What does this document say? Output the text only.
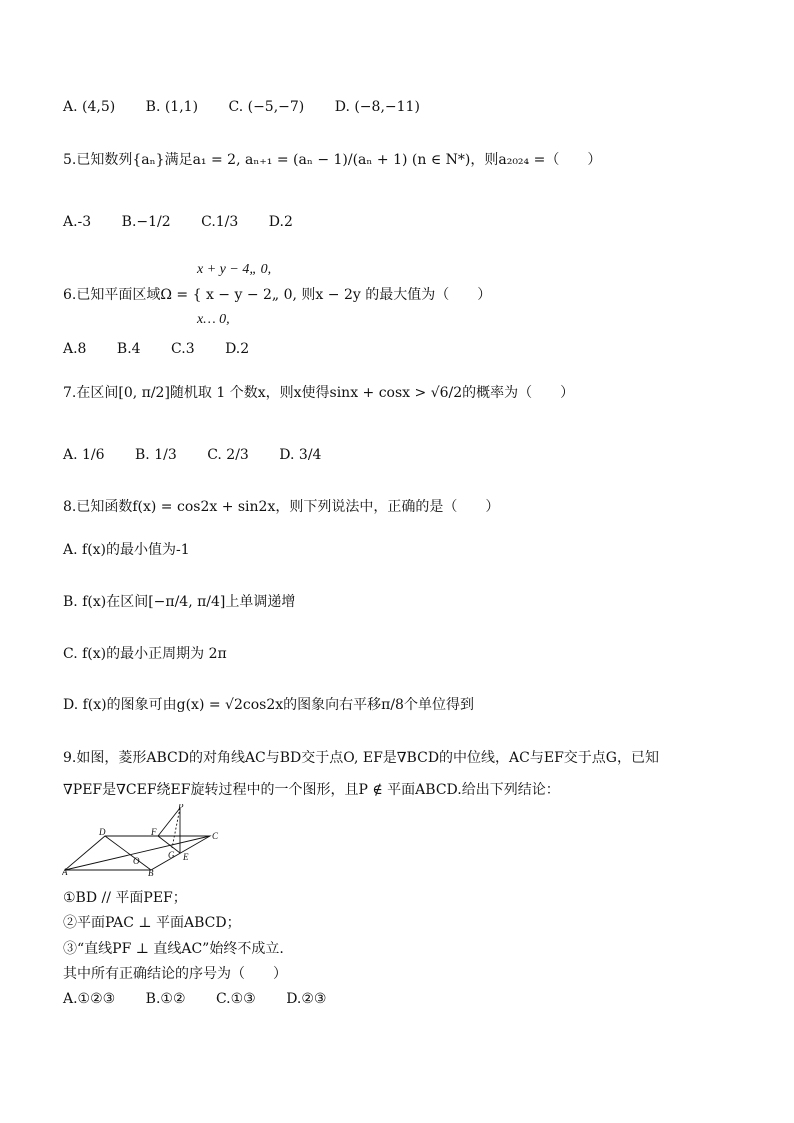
A. (4,5) B. (1,1) C. (−5,−7) D. (−8,−11)
5.已知数列{aₙ}满足a₁ = 2, aₙ₊₁ = (aₙ − 1)/(aₙ + 1) (n ∈ N*)，则a₂₀₂₄ =（　　）
A.-3 B.−1/2 C.1/3 D.2
x + y − 4„ 0,
6.已知平面区域Ω = { x − y − 2„ 0, 则x − 2y 的最大值为（　　）
x… 0,
A.8 B.4 C.3 D.2
7.在区间[0, π/2]随机取 1 个数x，则x使得sinx + cosx > √6/2的概率为（　　）
A. 1/6 B. 1/3 C. 2/3 D. 3/4
8.已知函数f(x) = cos2x + sin2x，则下列说法中，正确的是（　　）
A. f(x)的最小值为-1
B. f(x)在区间[−π/4, π/4]上单调递增
C. f(x)的最小正周期为 2π
D. f(x)的图象可由g(x) = √2cos2x的图象向右平移π/8个单位得到
9.如图，菱形ABCD的对角线AC与BD交于点O, EF是∇BCD的中位线，AC与EF交于点G，已知
∇PEF是∇CEF绕EF旋转过程中的一个图形，且P ∉ 平面ABCD.给出下列结论：
A	B
C
D
E
F
G
O
P
①BD // 平面PEF；
②平面PAC ⊥ 平面ABCD；
③“直线PF ⊥ 直线AC”始终不成立.
其中所有正确结论的序号为（　　）
A.①②③ B.①② C.①③ D.②③
